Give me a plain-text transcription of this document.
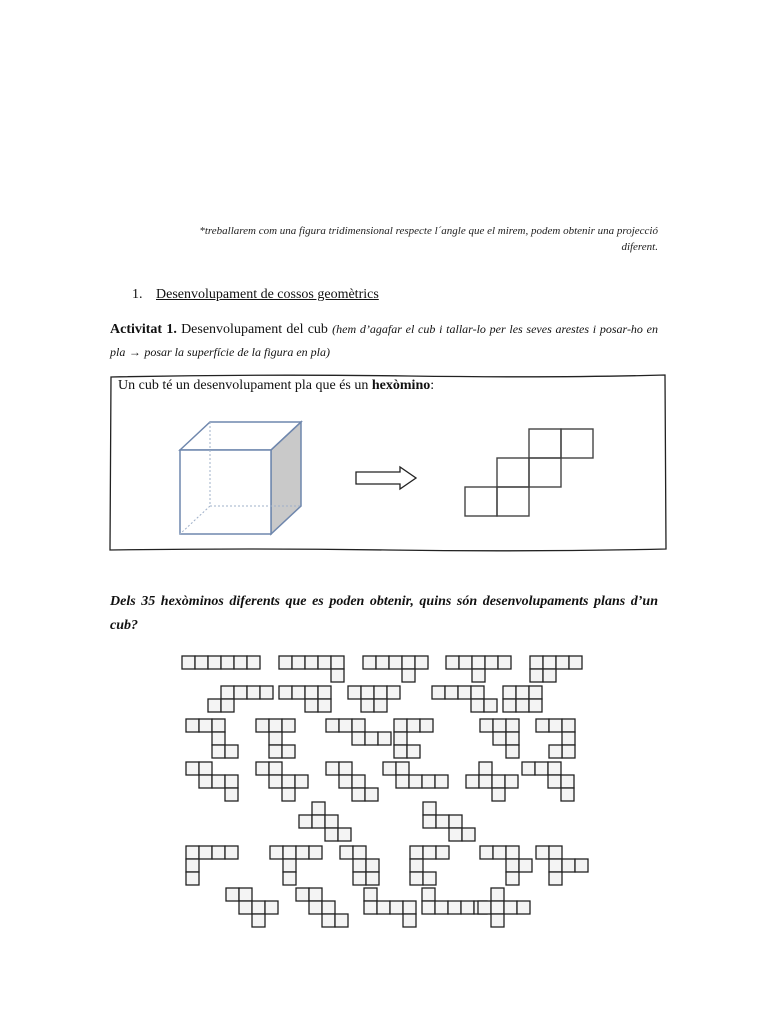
*treballarem com una figura tridimensional respecte l´angle que el mirem, podem obtenir una projecció
diferent.
1. Desenvolupament de cossos geomètrics
Activitat 1. Desenvolupament del cub (hem d’agafar el cub i tallar-lo per les seves arestes i posar-ho en pla → posar la superfície de la figura en pla)
Un cub té un desenvolupament pla que és un hexòmino:
Dels 35 hexòminos diferents que es poden obtenir, quins són desenvolupaments plans d’un cub?
